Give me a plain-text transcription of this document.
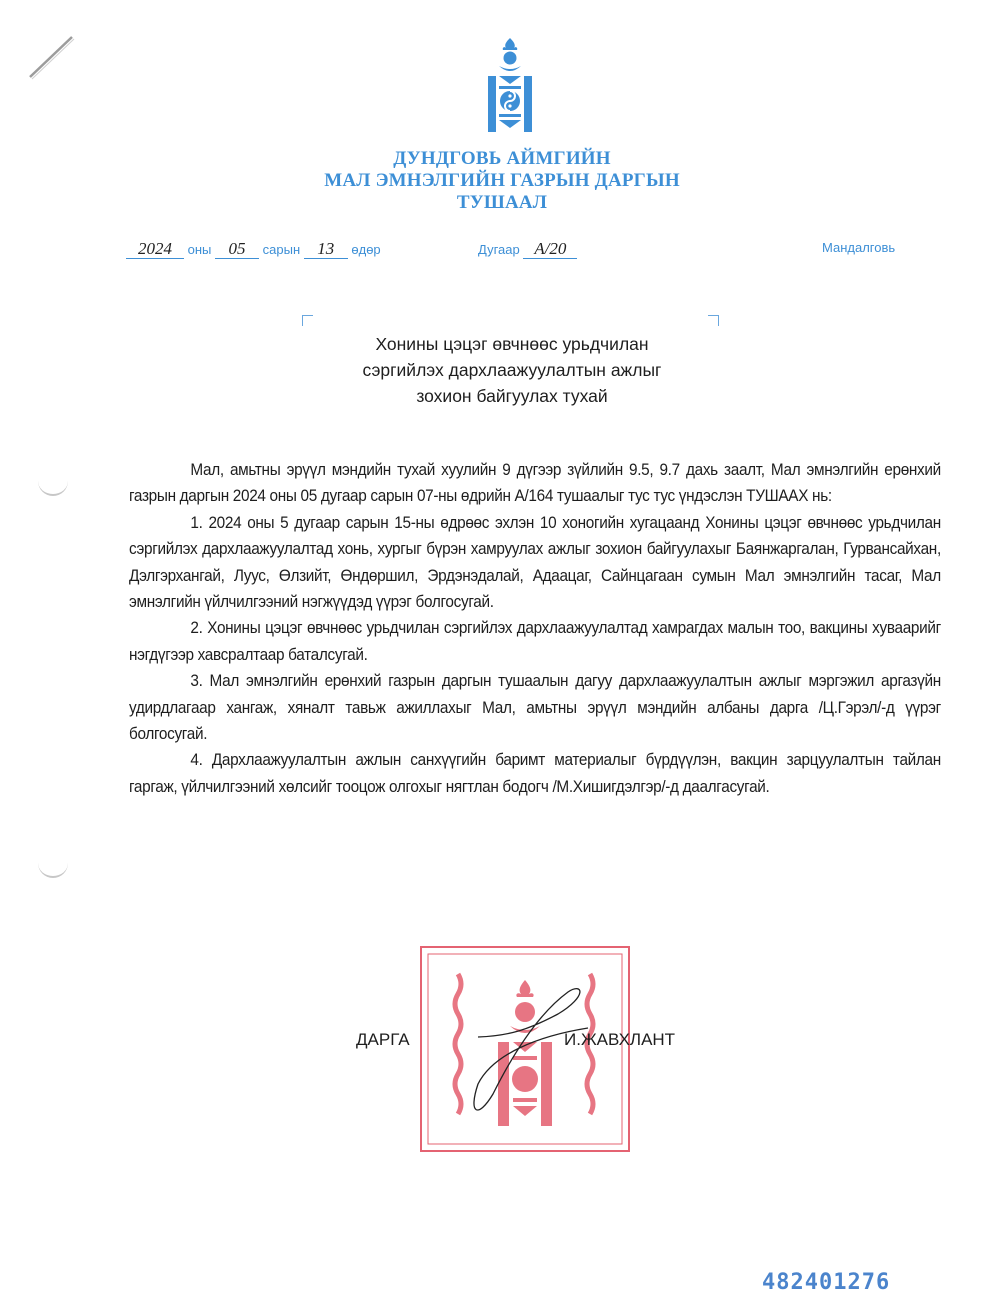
ДУНДГОВЬ АЙМГИЙН
МАЛ ЭМНЭЛГИЙН ГАЗРЫН ДАРГЫН
ТУШААЛ
2024 оны 05 сарын 13 өдөр	Дугаар А/20	Мандалговь
Хонины цэцэг өвчнөөс урьдчилан
сэргийлэх дархлаажуулалтын ажлыг
зохион байгуулах тухай

Мал, амьтны эрүүл мэндийн тухай хуулийн 9 дүгээр зүйлийн 9.5, 9.7 дахь заалт, Мал эмнэлгийн ерөнхий газрын даргын 2024 оны 05 дугаар сарын 07-ны өдрийн А/164 тушаалыг тус тус үндэслэн ТУШААХ нь:

1. 2024 оны 5 дугаар сарын 15-ны өдрөөс эхлэн 10 хоногийн хугацаанд Хонины цэцэг өвчнөөс урьдчилан сэргийлэх дархлаажуулалтад хонь, хургыг бүрэн хамруулах ажлыг зохион байгуулахыг Баянжаргалан, Гурвансайхан, Дэлгэрхангай, Луус, Өлзийт, Өндөршил, Эрдэнэдалай, Адаацаг, Сайнцагаан сумын Мал эмнэлгийн тасаг, Мал эмнэлгийн үйлчилгээний нэгжүүдэд үүрэг болгосугай.

2. Хонины цэцэг өвчнөөс урьдчилан сэргийлэх дархлаажуулалтад хамрагдах малын тоо, вакцины хуваарийг нэгдүгээр хавсралтаар баталсугай.

3. Мал эмнэлгийн ерөнхий газрын даргын тушаалын дагуу дархлаажуулалтын ажлыг мэргэжил аргазүйн удирдлагаар хангаж, хяналт тавьж ажиллахыг Мал, амьтны эрүүл мэндийн албаны дарга /Ц.Гэрэл/-д үүрэг болгосугай.

4. Дархлаажуулалтын ажлын санхүүгийн баримт материалыг бүрдүүлэн, вакцин зарцуулалтын тайлан гаргаж, үйлчилгээний хөлсийг тооцож олгохыг нягтлан бодогч /М.Хишигдэлгэр/-д даалгасугай.

ДАРГА	И.ЖАВХЛАНТ
482401276
